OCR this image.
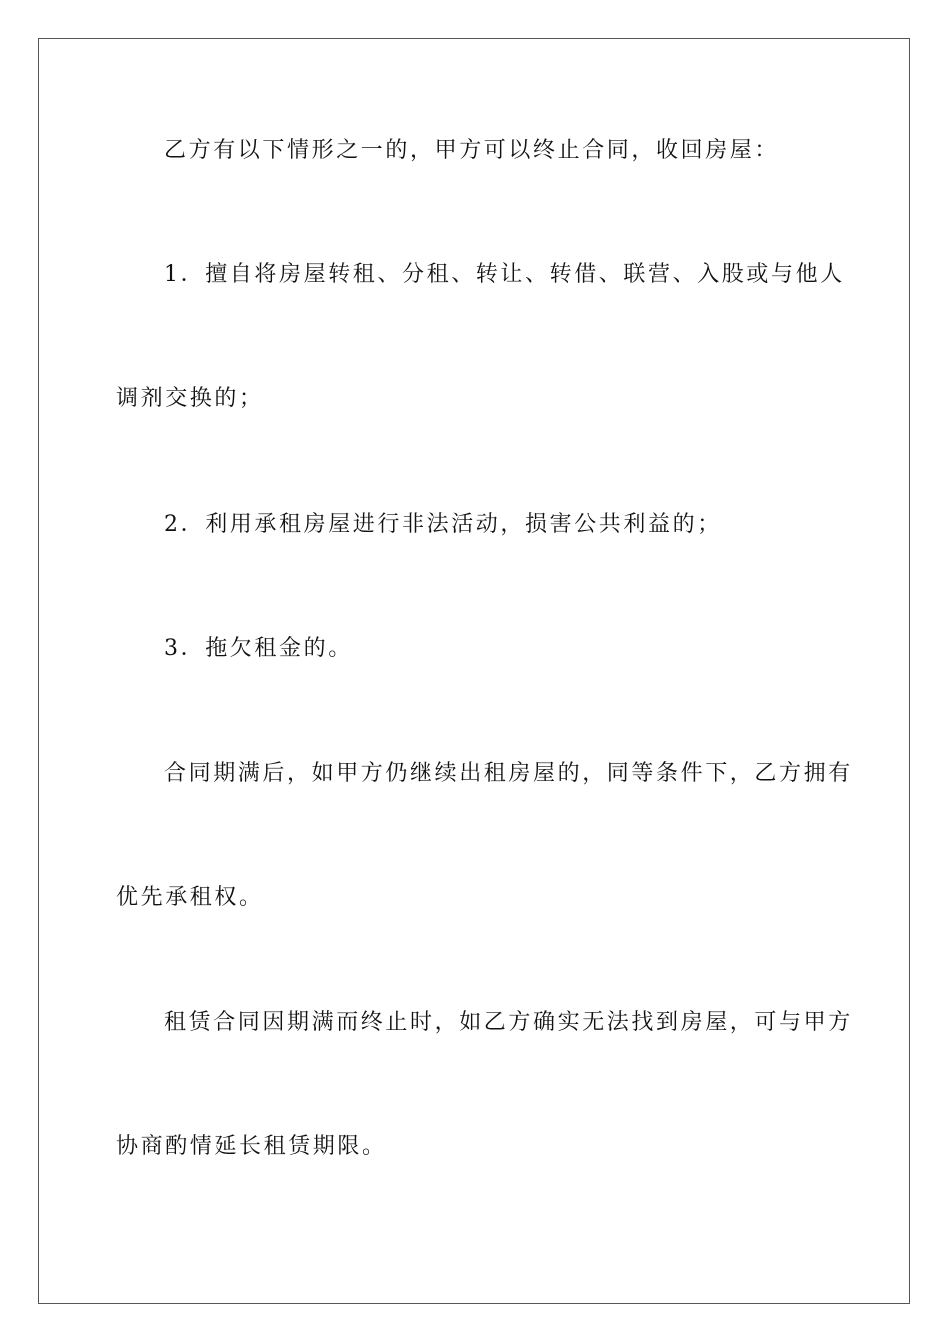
乙方有以下情形之一的，甲方可以终止合同，收回房屋：

1．擅自将房屋转租、分租、转让、转借、联营、入股或与他人

调剂交换的；

2．利用承租房屋进行非法活动，损害公共利益的；

3．拖欠租金的。

合同期满后，如甲方仍继续出租房屋的，同等条件下，乙方拥有

优先承租权。

租赁合同因期满而终止时，如乙方确实无法找到房屋，可与甲方

协商酌情延长租赁期限。
